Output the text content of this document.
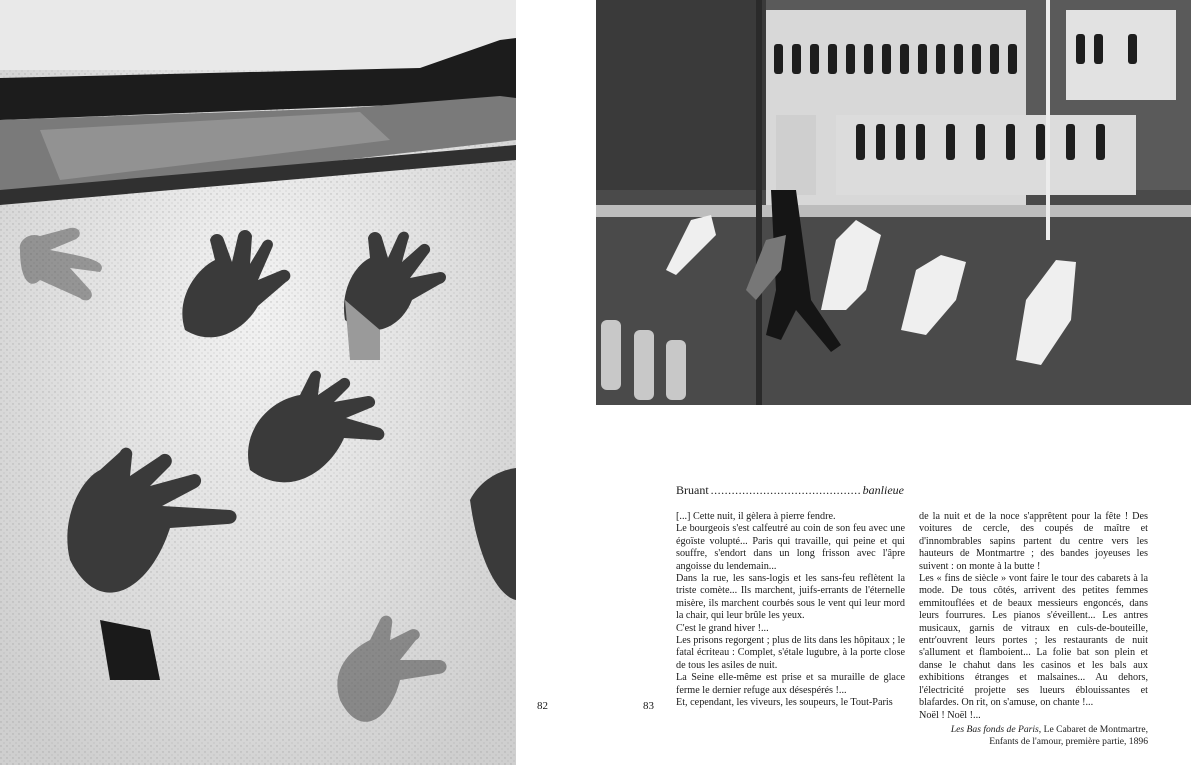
82	83
Bruant
.....	banlieue

[...] Cette nuit, il gèlera à pierre fendre.

Le bourgeois s'est calfeutré au coin de son feu avec une égoïste volupté... Paris qui travaille, qui peine et qui souffre, s'endort dans un long frisson avec l'âpre angoisse du lendemain...

Dans la rue, les sans-logis et les sans-feu reflètent la triste comète... Ils marchent, juifs-errants de l'éternelle misère, ils marchent courbés sous le vent qui leur mord la chair, qui leur brûle les yeux.

C'est le grand hiver !...

Les prisons regorgent ; plus de lits dans les hôpitaux ; le fatal écriteau : Complet, s'étale lugubre, à la porte close de tous les asiles de nuit.

La Seine elle-même est prise et sa muraille de glace ferme le dernier refuge aux désespérés !...

Et, cependant, les viveurs, les soupeurs, le Tout-Paris

de la nuit et de la noce s'apprêtent pour la fête ! Des voitures de cercle, des coupés de maître et d'innombrables sapins partent du centre vers les hauteurs de Montmartre ; des bandes joyeuses les suivent : on monte à la butte !

Les « fins de siècle » vont faire le tour des cabarets à la mode. De tous côtés, arrivent des petites femmes emmitouflées et de beaux messieurs engoncés, dans leurs fourrures. Les pianos s'éveillent... Les antres musicaux, garnis de vitraux en culs-de-bouteille, entr'ouvrent leurs portes ; les restaurants de nuit s'allument et flamboient... La folie bat son plein et danse le chahut dans les casinos et les bals aux exhibitions étranges et malsaines... Au dehors, l'électricité projette ses lueurs éblouissantes et blafardes. On rit, on s'amuse, on chante !...

Noël ! Noël !...

Les Bas fonds de Paris, Le Cabaret de Montmartre,
Enfants de l'amour, première partie, 1896
